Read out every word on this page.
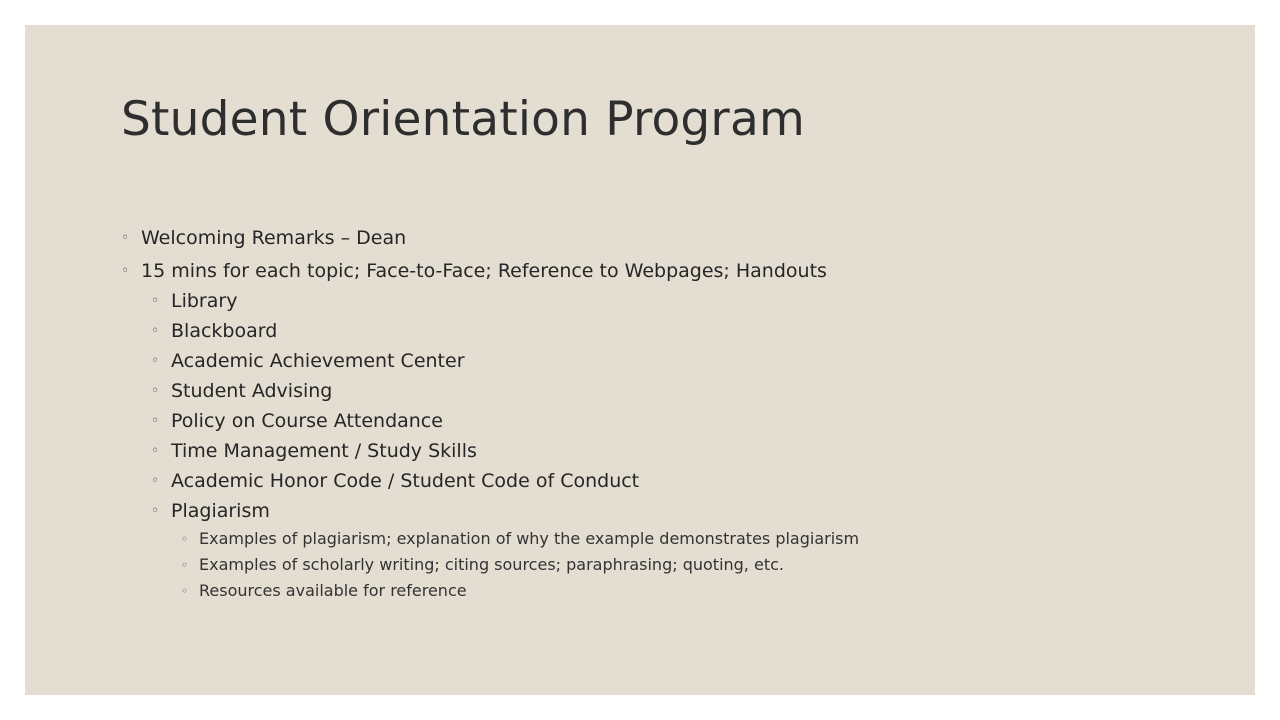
Student Orientation Program
◦ Welcoming Remarks – Dean
◦ 15 mins for each topic; Face-to-Face; Reference to Webpages; Handouts
◦ Library
◦ Blackboard
◦ Academic Achievement Center
◦ Student Advising
◦ Policy on Course Attendance
◦ Time Management / Study Skills
◦ Academic Honor Code / Student Code of Conduct
◦ Plagiarism
◦ Examples of plagiarism; explanation of why the example demonstrates plagiarism
◦ Examples of scholarly writing; citing sources; paraphrasing; quoting, etc.
◦ Resources available for reference
